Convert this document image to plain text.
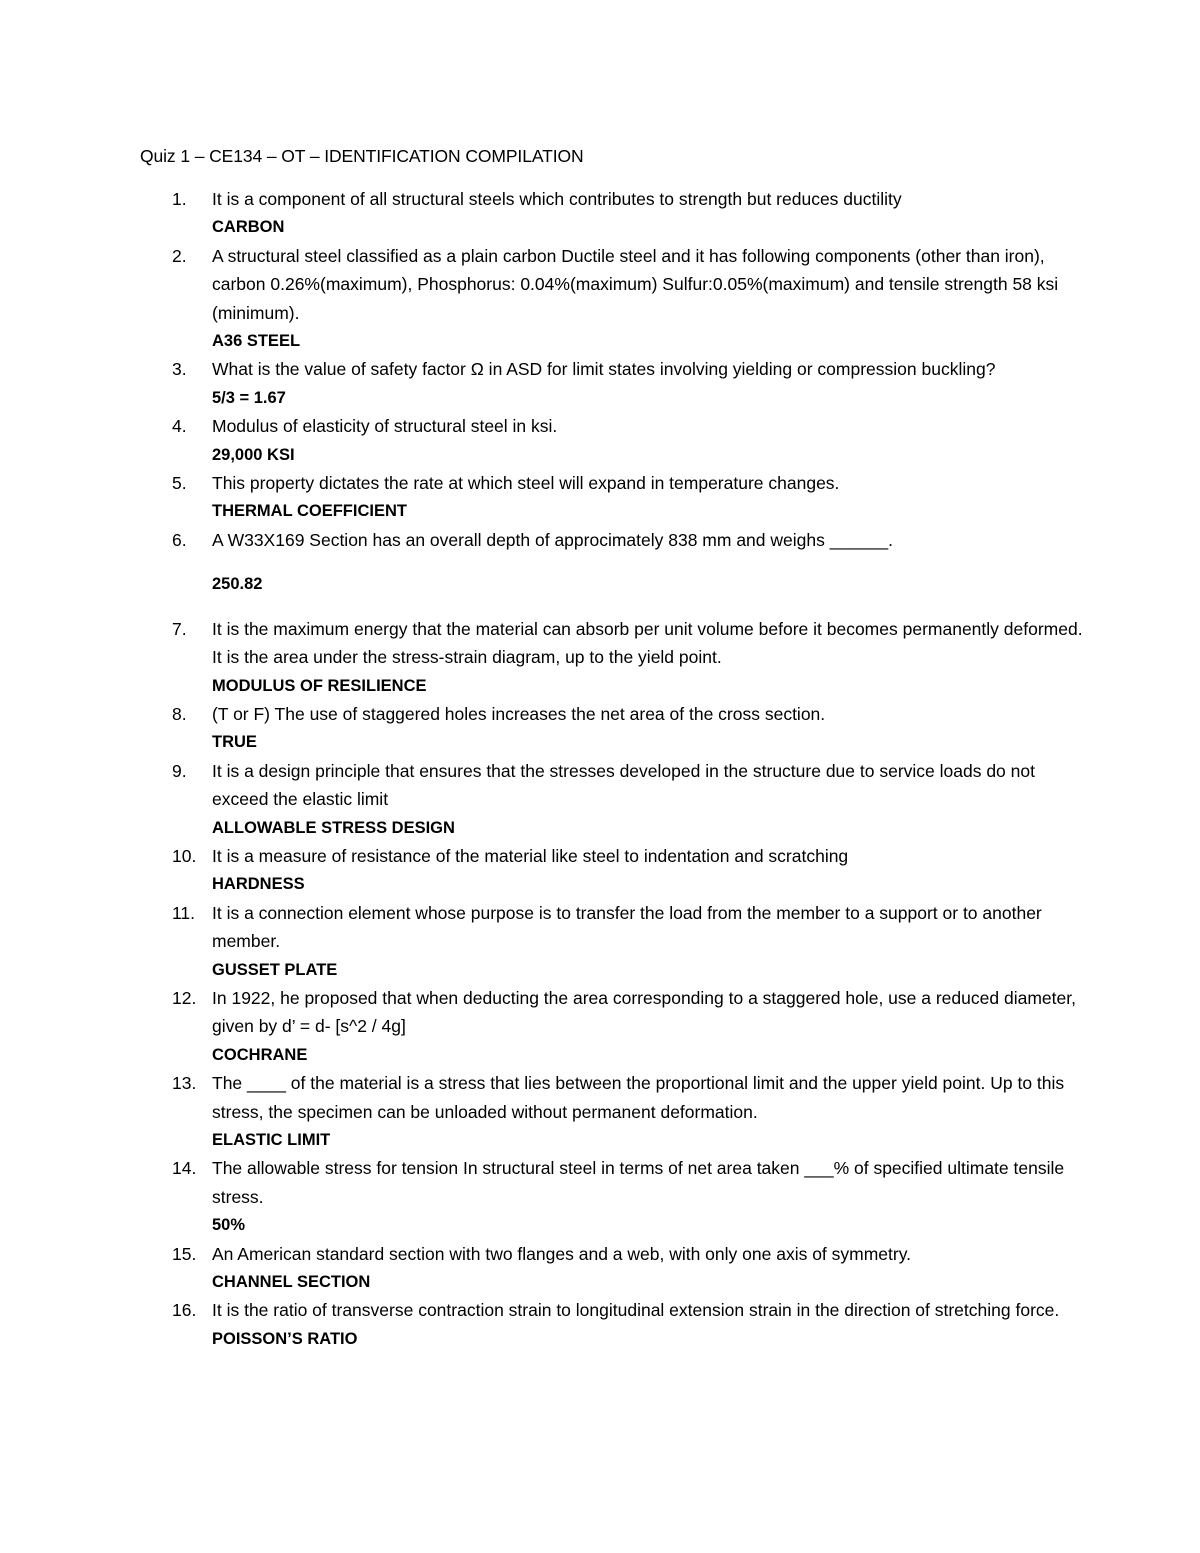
Quiz 1 – CE134 – OT – IDENTIFICATION COMPILATION
1.	It is a component of all structural steels which contributes to strength but reduces ductility
CARBON
2.	A structural steel classified as a plain carbon Ductile steel and it has following components (other than iron), carbon 0.26%(maximum), Phosphorus: 0.04%(maximum) Sulfur:0.05%(maximum) and tensile strength 58 ksi (minimum).
A36 STEEL
3.	What is the value of safety factor Ω in ASD for limit states involving yielding or compression buckling?
5/3 = 1.67
4.	Modulus of elasticity of structural steel in ksi.
29,000 KSI
5.	This property dictates the rate at which steel will expand in temperature changes.
THERMAL COEFFICIENT
6.	A W33X169 Section has an overall depth of approcimately 838 mm and weighs ______.
250.82
7.	It is the maximum energy that the material can absorb per unit volume before it becomes permanently deformed. It is the area under the stress-strain diagram, up to the yield point.
MODULUS OF RESILIENCE
8.	(T or F) The use of staggered holes increases the net area of the cross section.
TRUE
9.	It is a design principle that ensures that the stresses developed in the structure due to service loads do not exceed the elastic limit
ALLOWABLE STRESS DESIGN
10. It is a measure of resistance of the material like steel to indentation and scratching
HARDNESS
11. It is a connection element whose purpose is to transfer the load from the member to a support or to another member.
GUSSET PLATE
12. In 1922, he proposed that when deducting the area corresponding to a staggered hole, use a reduced diameter, given by d’ = d- [s^2 / 4g]
COCHRANE
13. The ____ of the material is a stress that lies between the proportional limit and the upper yield point. Up to this stress, the specimen can be unloaded without permanent deformation.
ELASTIC LIMIT
14. The allowable stress for tension In structural steel in terms of net area taken ___% of specified ultimate tensile stress.
50%
15. An American standard section with two flanges and a web, with only one axis of symmetry.
CHANNEL SECTION
16. It is the ratio of transverse contraction strain to longitudinal extension strain in the direction of stretching force.
POISSON’S RATIO
